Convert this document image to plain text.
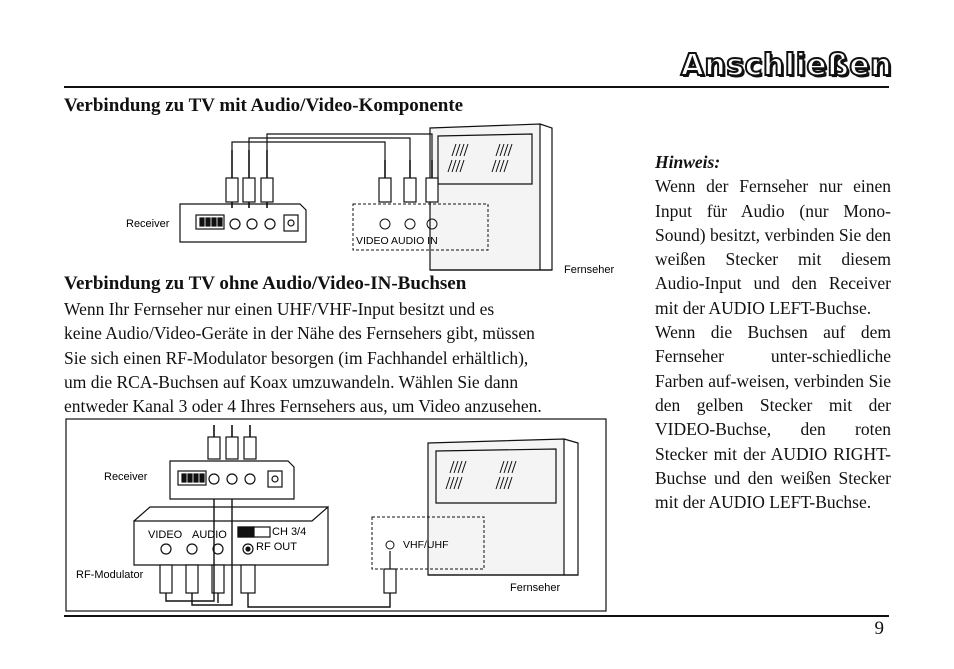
Anschließen
Verbindung zu TV mit Audio/Video-Komponente
Receiver
VIDEO AUDIO IN
Fernseher
Verbindung zu TV ohne Audio/Video-IN-Buchsen
Wenn Ihr Fernseher nur einen UHF/VHF-Input besitzt und es
keine Audio/Video-Geräte in der Nähe des Fernsehers gibt, müssen
Sie sich einen RF-Modulator besorgen (im Fachhandel erhältlich),
um die RCA-Buchsen auf Koax umzuwandeln. Wählen Sie dann
entweder Kanal 3 oder 4 Ihres Fernsehers aus, um Video anzusehen.
Receiver
RF-Modulator
VIDEO AUDIO	CH 3/4
RF OUT	VHF/UHF
Fernseher

Hinweis:

Wenn der Fernseher nur einen Input für Audio (nur Mono-Sound) besitzt, verbinden Sie den weißen Stecker mit diesem Audio-Input und den Receiver mit der AUDIO LEFT-Buchse.

Wenn die Buchsen auf dem Fernseher unter-schiedliche Farben auf-weisen, verbinden Sie den gelben Stecker mit der VIDEO-Buchse, den roten Stecker mit der AUDIO RIGHT-Buchse und den weißen Stecker mit der AUDIO LEFT-Buchse.

9
